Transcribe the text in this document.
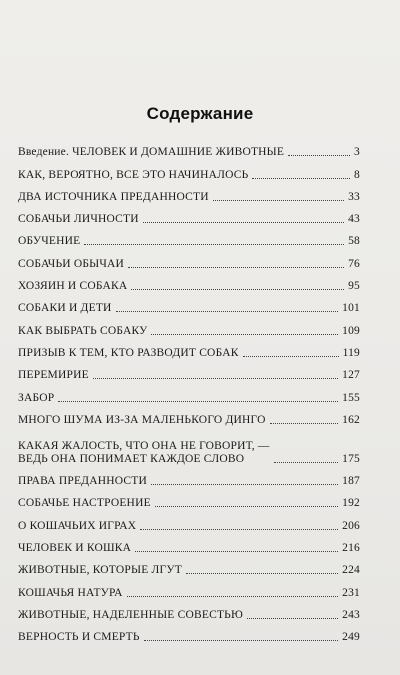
Содержание
Введение. ЧЕЛОВЕК И ДОМАШНИЕ ЖИВОТНЫЕ	3
КАК, ВЕРОЯТНО, ВСЕ ЭТО НАЧИНАЛОСЬ	8
ДВА ИСТОЧНИКА ПРЕДАННОСТИ	33
СОБАЧЬИ ЛИЧНОСТИ	43
ОБУЧЕНИЕ	58
СОБАЧЬИ ОБЫЧАИ	76
ХОЗЯИН И СОБАКА	95
СОБАКИ И ДЕТИ	101
КАК ВЫБРАТЬ СОБАКУ	109
ПРИЗЫВ К ТЕМ, КТО РАЗВОДИТ СОБАК	119
ПЕРЕМИРИЕ	127
ЗАБОР	155
МНОГО ШУМА ИЗ-ЗА МАЛЕНЬКОГО ДИНГО	162
КАКАЯ ЖАЛОСТЬ, ЧТО ОНА НЕ ГОВОРИТ, —
ВЕДЬ ОНА ПОНИМАЕТ КАЖДОЕ СЛОВО	175
ПРАВА ПРЕДАННОСТИ	187
СОБАЧЬЕ НАСТРОЕНИЕ	192
О КОШАЧЬИХ ИГРАХ	206
ЧЕЛОВЕК И КОШКА	216
ЖИВОТНЫЕ, КОТОРЫЕ ЛГУТ	224
КОШАЧЬЯ НАТУРА	231
ЖИВОТНЫЕ, НАДЕЛЕННЫЕ СОВЕСТЬЮ	243
ВЕРНОСТЬ И СМЕРТЬ	249
